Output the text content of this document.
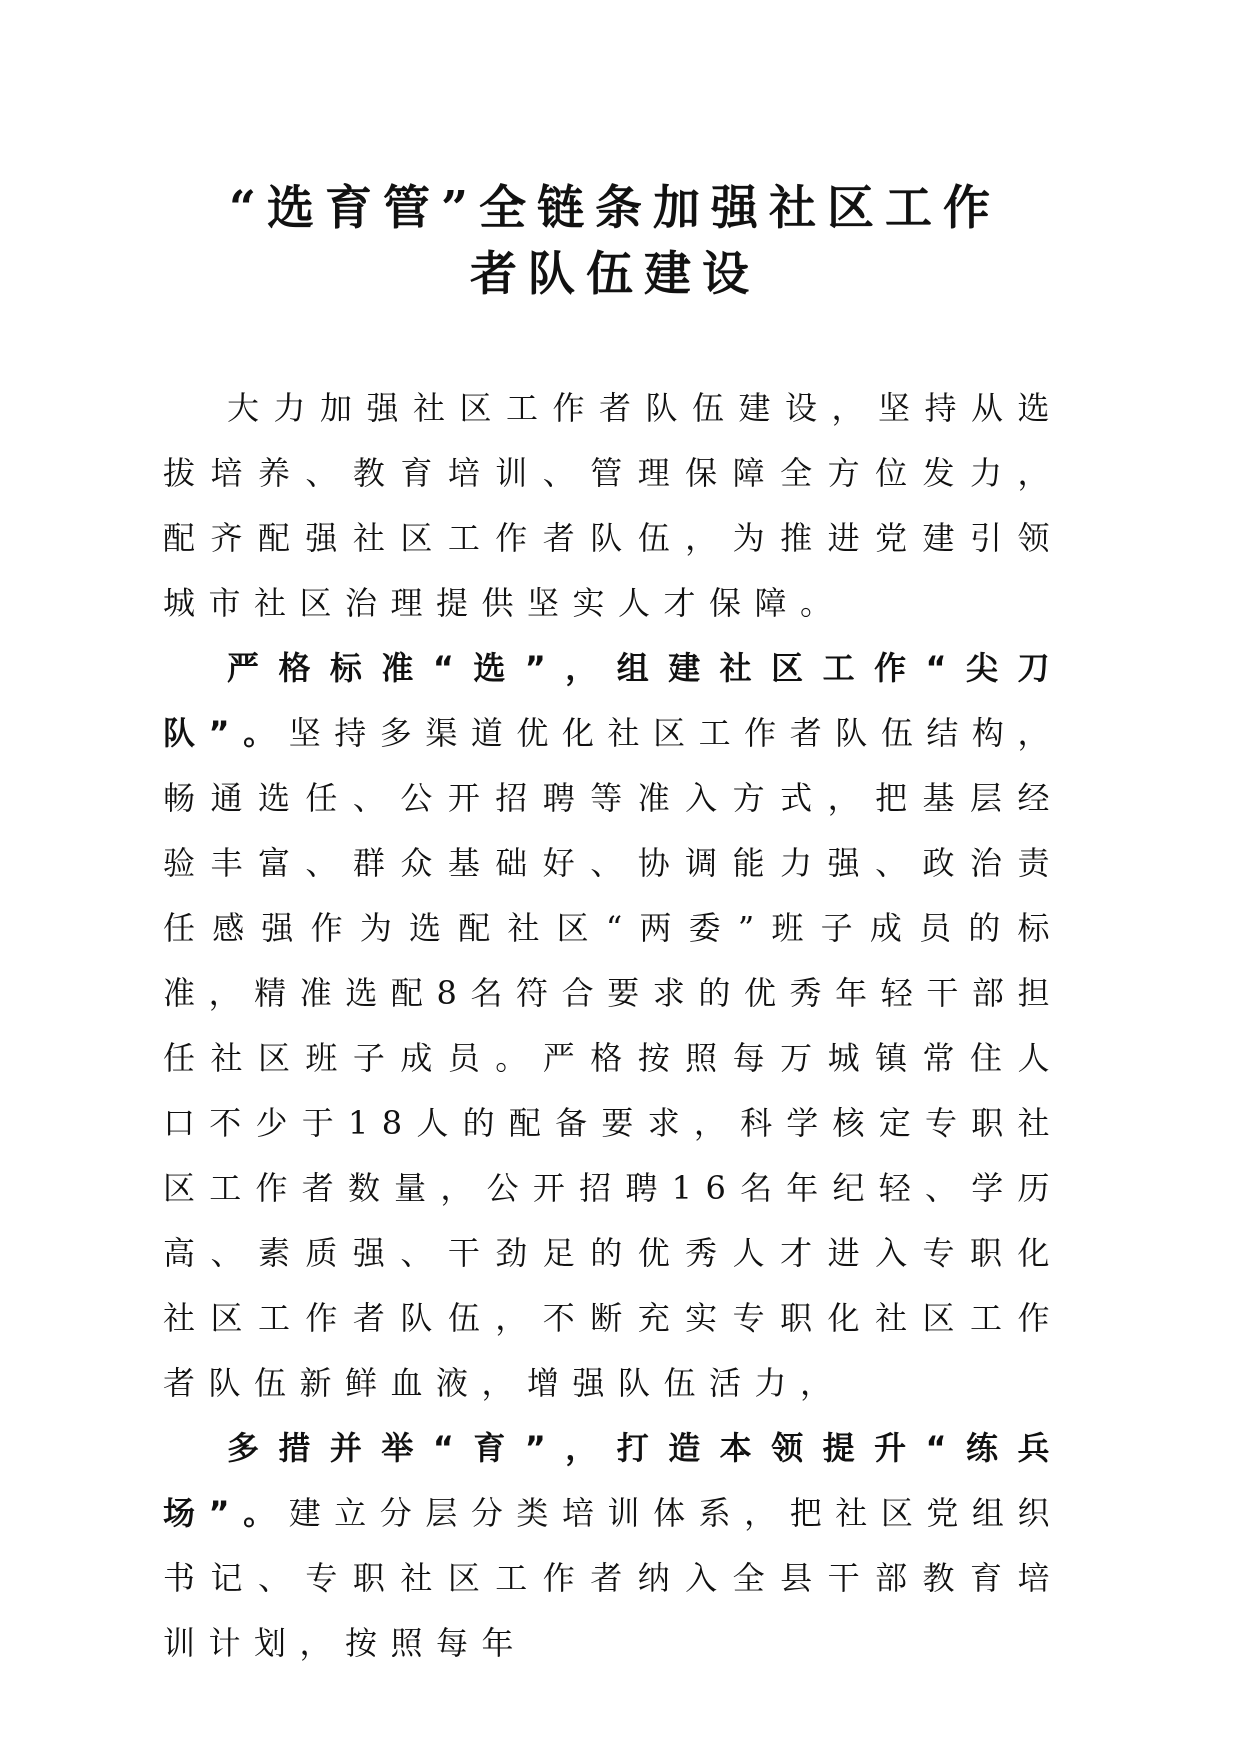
“选育管”全链条加强社区工作
者队伍建设

大力加强社区工作者队伍建设，坚持从选拔培养、教育培训、管理保障全方位发力，配齐配强社区工作者队伍，为推进党建引领城市社区治理提供坚实人才保障。

严格标准“选”，组建社区工作“尖刀队”。坚持多渠道优化社区工作者队伍结构，畅通选任、公开招聘等准入方式，把基层经验丰富、群众基础好、协调能力强、政治责任感强作为选配社区“两委”班子成员的标准，精准选配8名符合要求的优秀年轻干部担任社区班子成员。严格按照每万城镇常住人口不少于18人的配备要求，科学核定专职社区工作者数量，公开招聘16名年纪轻、学历高、素质强、干劲足的优秀人才进入专职化社区工作者队伍，不断充实专职化社区工作者队伍新鲜血液，增强队伍活力，

多措并举“育”，打造本领提升“练兵场”。建立分层分类培训体系，把社区党组织书记、专职社区工作者纳入全县干部教育培训计划，按照每年
